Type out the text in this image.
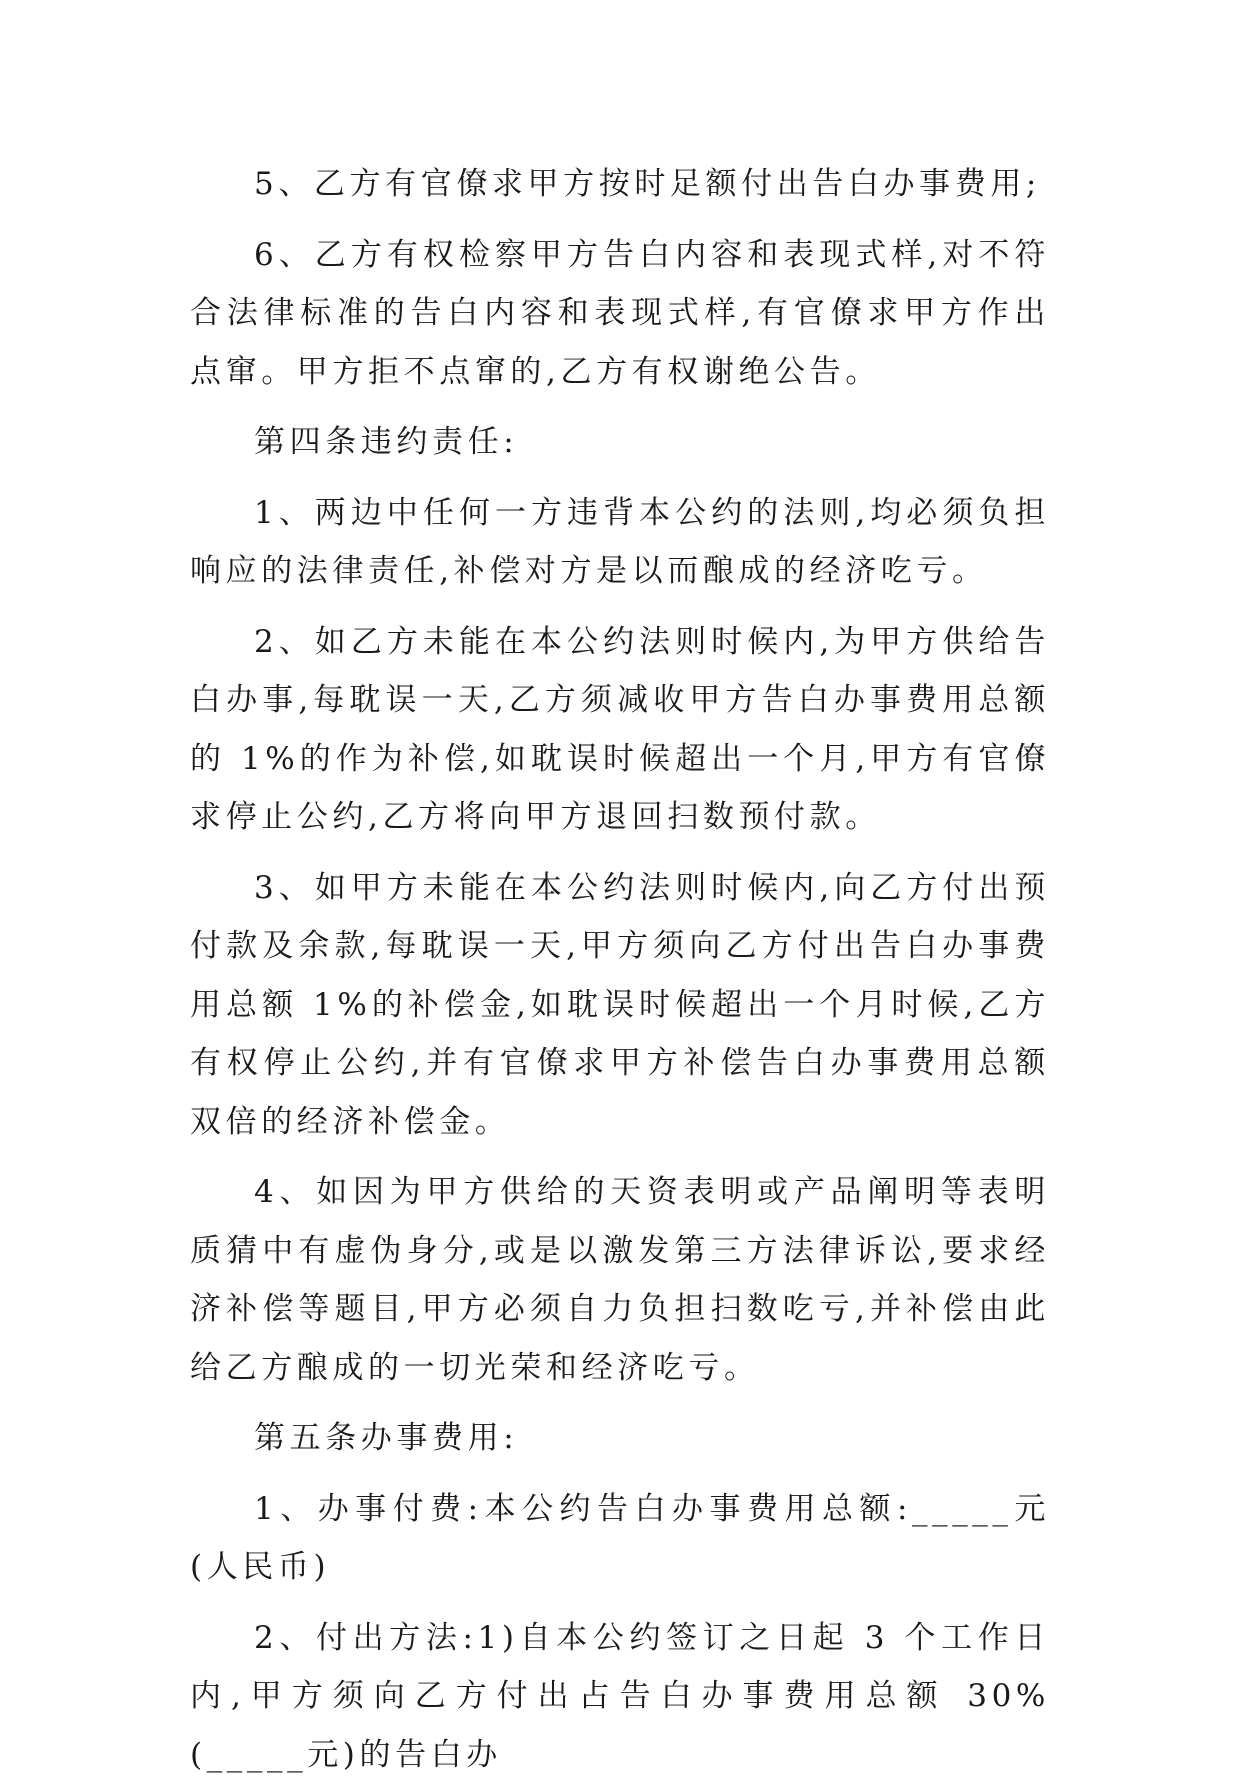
5、乙方有官僚求甲方按时足额付出告白办事费用;

6、乙方有权检察甲方告白内容和表现式样,对不符合法律标准的告白内容和表现式样,有官僚求甲方作出点窜。甲方拒不点窜的,乙方有权谢绝公告。

第四条违约责任:

1、两边中任何一方违背本公约的法则,均必须负担响应的法律责任,补偿对方是以而酿成的经济吃亏。

2、如乙方未能在本公约法则时候内,为甲方供给告白办事,每耽误一天,乙方须减收甲方告白办事费用总额的 1%的作为补偿,如耽误时候超出一个月,甲方有官僚求停止公约,乙方将向甲方退回扫数预付款。

3、如甲方未能在本公约法则时候内,向乙方付出预付款及余款,每耽误一天,甲方须向乙方付出告白办事费用总额 1%的补偿金,如耽误时候超出一个月时候,乙方有权停止公约,并有官僚求甲方补偿告白办事费用总额双倍的经济补偿金。

4、如因为甲方供给的天资表明或产品阐明等表明质猜中有虚伪身分,或是以激发第三方法律诉讼,要求经济补偿等题目,甲方必须自力负担扫数吃亏,并补偿由此给乙方酿成的一切光荣和经济吃亏。

第五条办事费用:

1、办事付费:本公约告白办事费用总额:_____元(人民币)

2、付出方法:1)自本公约签订之日起 3 个工作日内,甲方须向乙方付出占告白办事费用总额 30%(_____元)的告白办
